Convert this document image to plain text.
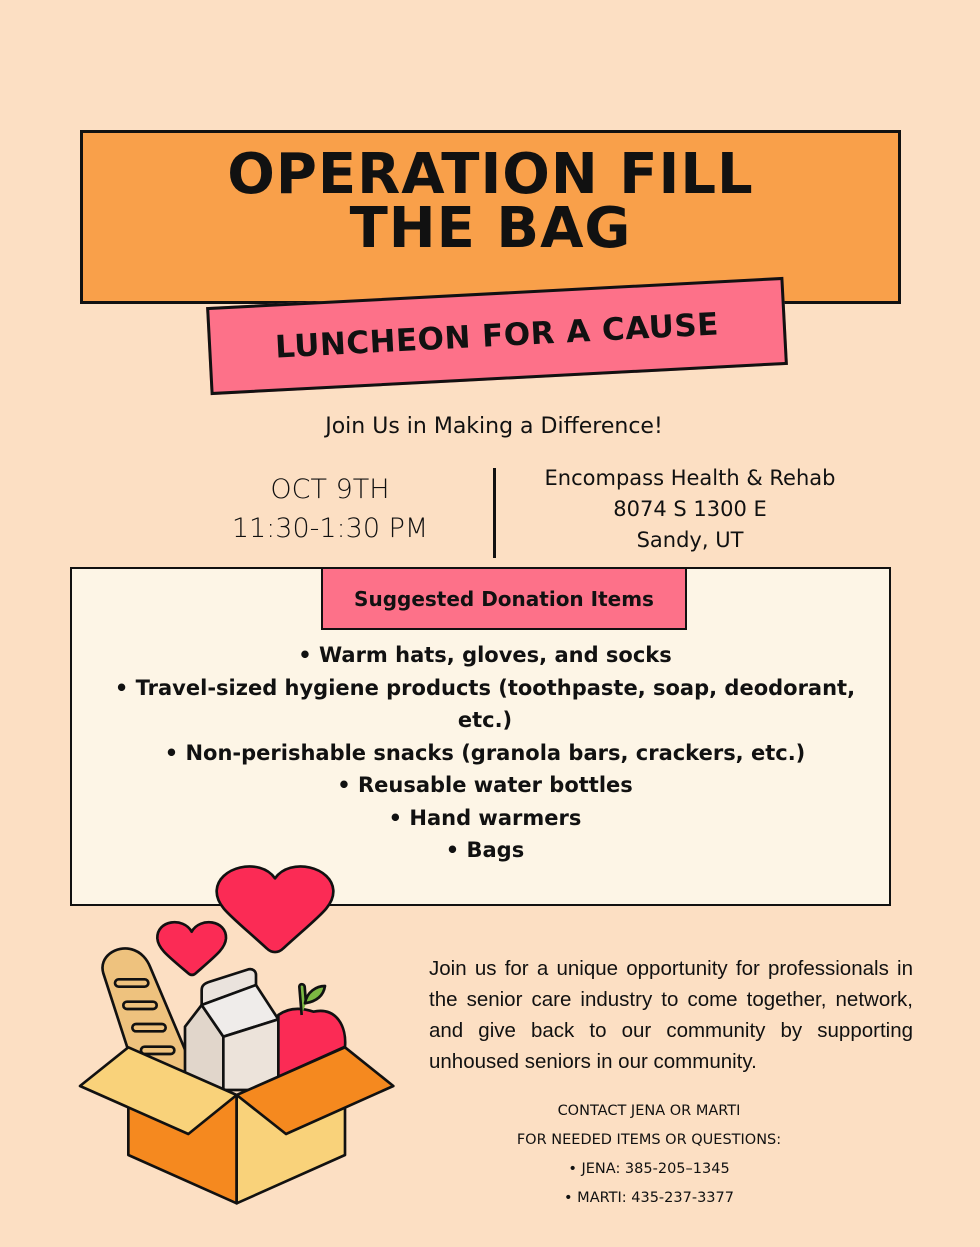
OPERATION FILL
THE BAG
LUNCHEON FOR A CAUSE
Join Us in Making a Difference!
OCT 9TH
11:30-1:30 PM
Encompass Health & Rehab
8074 S 1300 E
Sandy, UT
Suggested Donation Items
• Warm hats, gloves, and socks
• Travel-sized hygiene products (toothpaste, soap, deodorant, etc.)
• Non-perishable snacks (granola bars, crackers, etc.)
• Reusable water bottles
• Hand warmers
• Bags
Join us for a unique opportunity for professionals in the senior care industry to come together, network, and give back to our community by supporting unhoused seniors in our community.
CONTACT JENA OR MARTI
FOR NEEDED ITEMS OR QUESTIONS:
• JENA: 385-205–1345
• MARTI: 435-237-3377
